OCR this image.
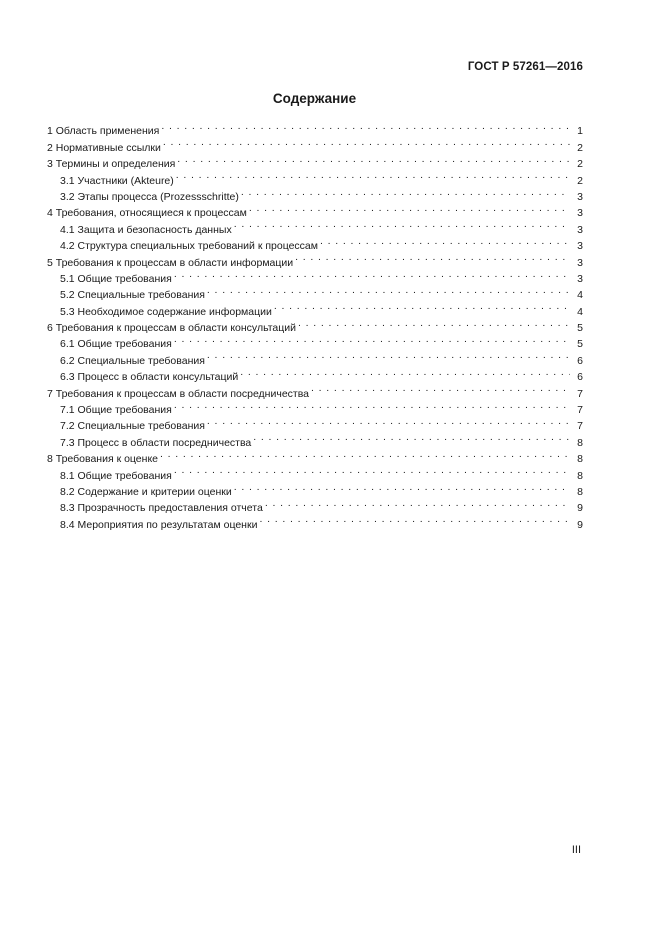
ГОСТ Р 57261—2016
Содержание
1 Область применения . . .	1
2 Нормативные ссылки . . .	2
3 Термины и определения . . .	2
3.1 Участники (Akteure) . . .	2
3.2 Этапы процесса (Prozessschritte) . . .	3
4 Требования, относящиеся к процессам . . .	3
4.1 Защита и безопасность данных . . .	3
4.2 Структура специальных требований к процессам . . .	3
5 Требования к процессам в области информации . . .	3
5.1 Общие требования . . .	3
5.2 Специальные требования . . .	4
5.3 Необходимое содержание информации . . .	4
6 Требования к процессам в области консультаций . . .	5
6.1 Общие требования . . .	5
6.2 Специальные требования . . .	6
6.3 Процесс в области консультаций . . .	6
7 Требования к процессам в области посредничества . . .	7
7.1 Общие требования . . .	7
7.2 Специальные требования . . .	7
7.3 Процесс в области посредничества . . .	8
8 Требования к оценке . . .	8
8.1 Общие требования . . .	8
8.2 Содержание и критерии оценки . . .	8
8.3 Прозрачность предоставления отчета . . .	9
8.4 Мероприятия по результатам оценки . . .	9
III
